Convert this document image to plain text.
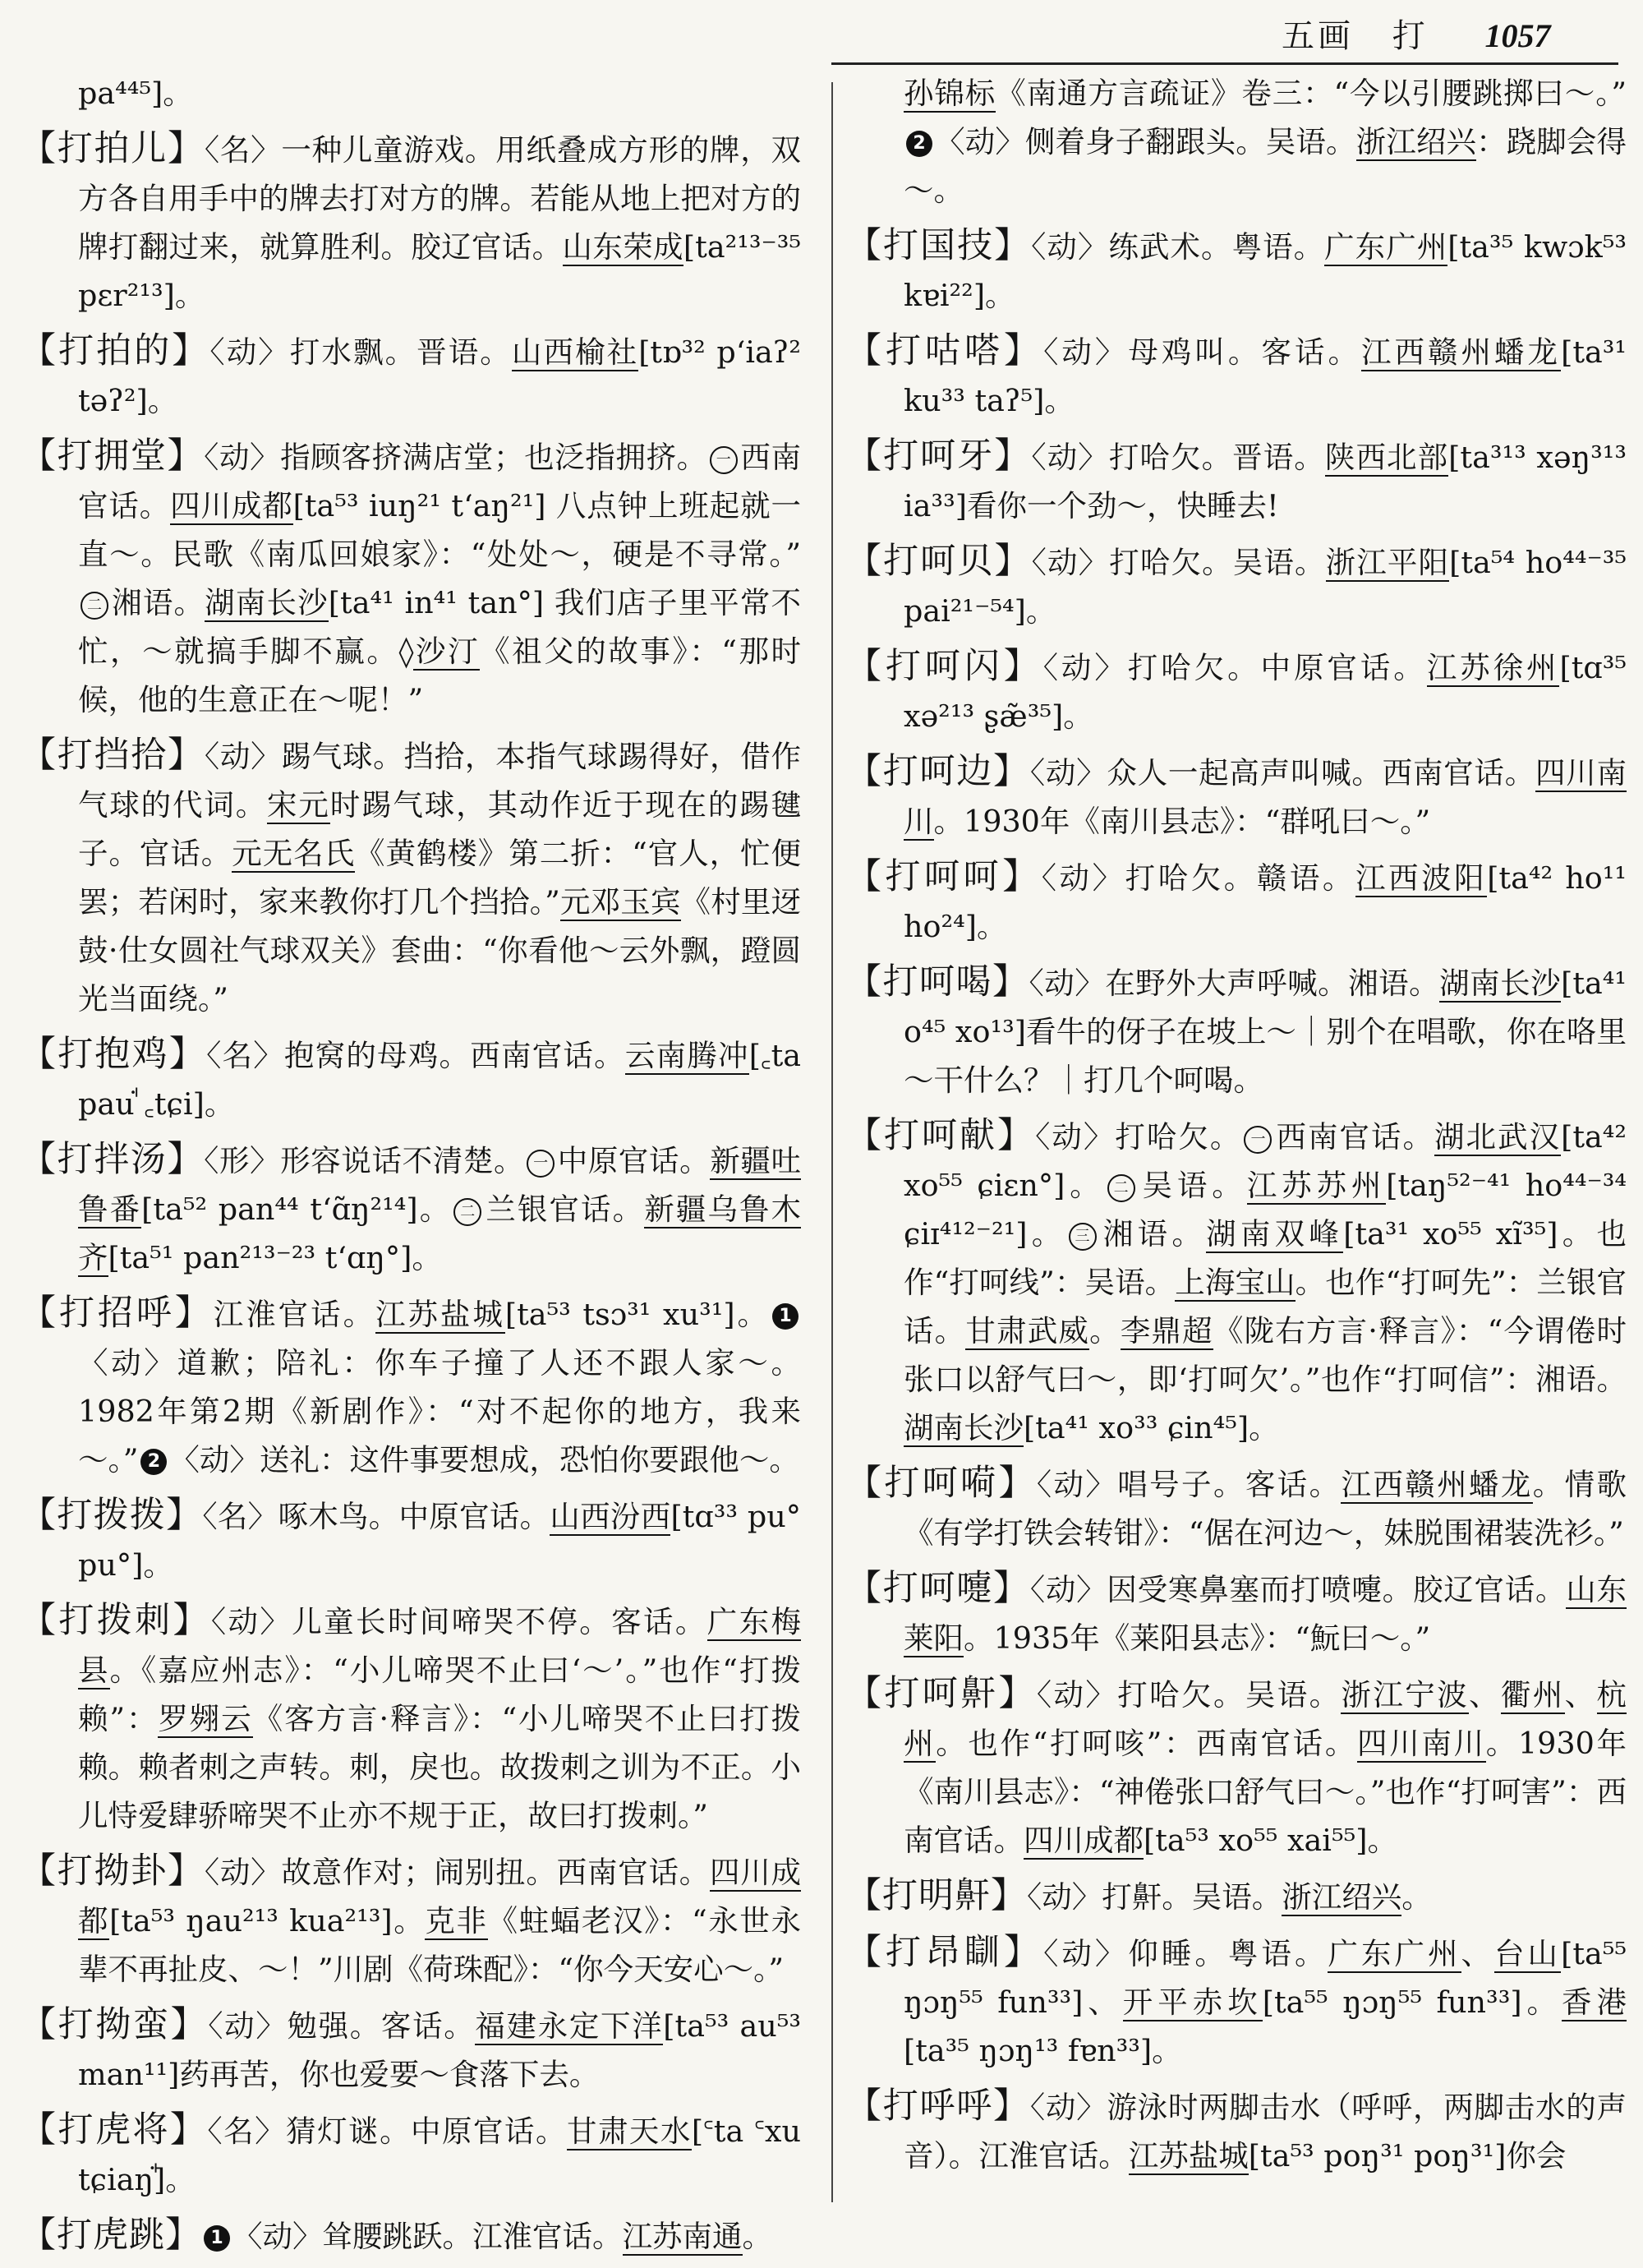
五画 打 1057

pa⁴⁴⁵]。

【打拍儿】〈名〉一种儿童游戏。用纸叠成方形的牌，双方各自用手中的牌去打对方的牌。若能从地上把对方的牌打翻过来，就算胜利。胶辽官话。山东荣成[ta²¹³⁻³⁵ pɛr²¹³]。

【打拍的】〈动〉打水飘。晋语。山西榆社[tɒ³² pʻiaʔ² təʔ²]。

【打拥堂】〈动〉指顾客挤满店堂；也泛指拥挤。 一 西南官话。四川成都[ta⁵³ iuŋ²¹ tʻaŋ²¹] 八点钟上班起就一直～。民歌《南瓜回娘家》：“处处～，硬是不寻常。”二 湘语。湖南长沙[ta⁴¹ in⁴¹ tan°] 我们店子里平常不忙，～就搞手脚不赢。◊沙汀《祖父的故事》：“那时候，他的生意正在～呢！”

【打挡拾】〈动〉踢气球。挡拾，本指气球踢得好，借作气球的代词。宋元时踢气球，其动作近于现在的踢毽子。官话。元无名氏《黄鹤楼》第二折：“官人，忙便罢；若闲时，家来教你打几个挡拾。”元邓玉宾《村里迓鼓·仕女圆社气球双关》套曲：“你看他～云外飘，蹬圆光当面绕。”

【打抱鸡】〈名〉抱窝的母鸡。西南官话。云南腾冲[꜀ta pauꜗ ꜀tɕi]。

【打拌汤】〈形〉形容说话不清楚。 一 中原官话。新疆吐鲁番[ta⁵² pan⁴⁴ tʻɑ̃ŋ²¹⁴]。 二 兰银官话。新疆乌鲁木齐[ta⁵¹ pan²¹³⁻²³ tʻɑŋ°]。

【打招呼】江淮官话。江苏盐城[ta⁵³ tsɔ³¹ xu³¹]。 1〈动〉道歉；陪礼：你车子撞了人还不跟人家～。1982年第2期《新剧作》：“对不起你的地方，我来～。” 2 〈动〉送礼：这件事要想成，恐怕你要跟他～。

【打拨拨】〈名〉啄木鸟。中原官话。山西汾西[tɑ³³ pu° pu°]。

【打拨刺】〈动〉儿童长时间啼哭不停。客话。广东梅县。《嘉应州志》：“小儿啼哭不止曰‘～’。”也作“打拨赖”：罗翙云《客方言·释言》：“小儿啼哭不止曰打拨赖。赖者刺之声转。刺，戾也。故拨刺之训为不正。小儿恃爱肆骄啼哭不止亦不规于正，故曰打拨刺。”

【打拗卦】〈动〉故意作对；闹别扭。西南官话。四川成都[ta⁵³ ŋau²¹³ kua²¹³]。克非《蛀蝠老汉》：“永世永辈不再扯皮、～！”川剧《荷珠配》：“你今天安心～。”

【打拗蛮】〈动〉勉强。客话。福建永定下洋[ta⁵³ au⁵³ man¹¹]药再苦，你也爱要～食落下去。

【打虎将】〈名〉猜灯谜。中原官话。甘肃天水[꜂ta ꜂xu tɕiaŋꜗ]。

【打虎跳】 1 〈动〉耸腰跳跃。江淮官话。江苏南通。

孙锦标《南通方言疏证》卷三：“今以引腰跳掷曰～。”2 〈动〉侧着身子翻跟头。吴语。浙江绍兴：跷脚会得～。

【打国技】〈动〉练武术。粤语。广东广州[ta³⁵ kwɔk⁵³ kɐi²²]。

【打咕嗒】〈动〉母鸡叫。客话。江西赣州蟠龙[ta³¹ ku³³ taʔ⁵]。

【打呵牙】〈动〉打哈欠。晋语。陕西北部[ta³¹³ xəŋ³¹³ ia³³]看你一个劲～，快睡去!

【打呵贝】〈动〉打哈欠。吴语。浙江平阳[ta⁵⁴ ho⁴⁴⁻³⁵ pai²¹⁻⁵⁴]。

【打呵闪】〈动〉打哈欠。中原官话。江苏徐州[tɑ³⁵ xə²¹³ ʂæ̃³⁵]。

【打呵边】〈动〉众人一起高声叫喊。西南官话。四川南川。1930年《南川县志》：“群吼曰～。”

【打呵呵】〈动〉打哈欠。赣语。江西波阳[ta⁴² ho¹¹ ho²⁴]。

【打呵喝】〈动〉在野外大声呼喊。湘语。湖南长沙[ta⁴¹ o⁴⁵ xo¹³]看牛的伢子在坡上～｜别个在唱歌，你在咯里～干什么？｜打几个呵喝。

【打呵献】〈动〉打哈欠。 一 西南官话。湖北武汉[ta⁴² xo⁵⁵ ɕiɛn°]。 二 吴语。江苏苏州[taŋ⁵²⁻⁴¹ ho⁴⁴⁻³⁴ ɕiɪ⁴¹²⁻²¹]。 三 湘语。湖南双峰[ta³¹ xo⁵⁵ xĩ³⁵]。也作“打呵线”：吴语。上海宝山。也作“打呵先”：兰银官话。甘肃武威。李鼎超《陇右方言·释言》：“今谓倦时张口以舒气曰～，即‘打呵欠’。”也作“打呵信”：湘语。湖南长沙[ta⁴¹ xo³³ ɕin⁴⁵]。

【打呵嗬】〈动〉唱号子。客话。江西赣州蟠龙。情歌《有学打铁会转钳》：“倨在河边～，妹脱围裙装洗衫。”

【打呵嚏】〈动〉因受寒鼻塞而打喷嚏。胶辽官话。山东莱阳。1935年《莱阳县志》：“魭曰～。”

【打呵鼾】〈动〉打哈欠。吴语。浙江宁波、衢州、杭州。也作“打呵咳”：西南官话。四川南川。1930年《南川县志》：“神倦张口舒气曰～。”也作“打呵害”：西南官话。四川成都[ta⁵³ xo⁵⁵ xai⁵⁵]。

【打明鼾】〈动〉打鼾。吴语。浙江绍兴。

【打昂瞓】〈动〉仰睡。粤语。广东广州、台山[ta⁵⁵ ŋɔŋ⁵⁵ fun³³]、开平赤坎[ta⁵⁵ ŋɔŋ⁵⁵ fun³³]。香港[ta³⁵ ŋɔŋ¹³ fɐn³³]。

【打呼呼】〈动〉游泳时两脚击水（呼呼，两脚击水的声音）。江淮官话。江苏盐城[ta⁵³ poŋ³¹ poŋ³¹]你会
